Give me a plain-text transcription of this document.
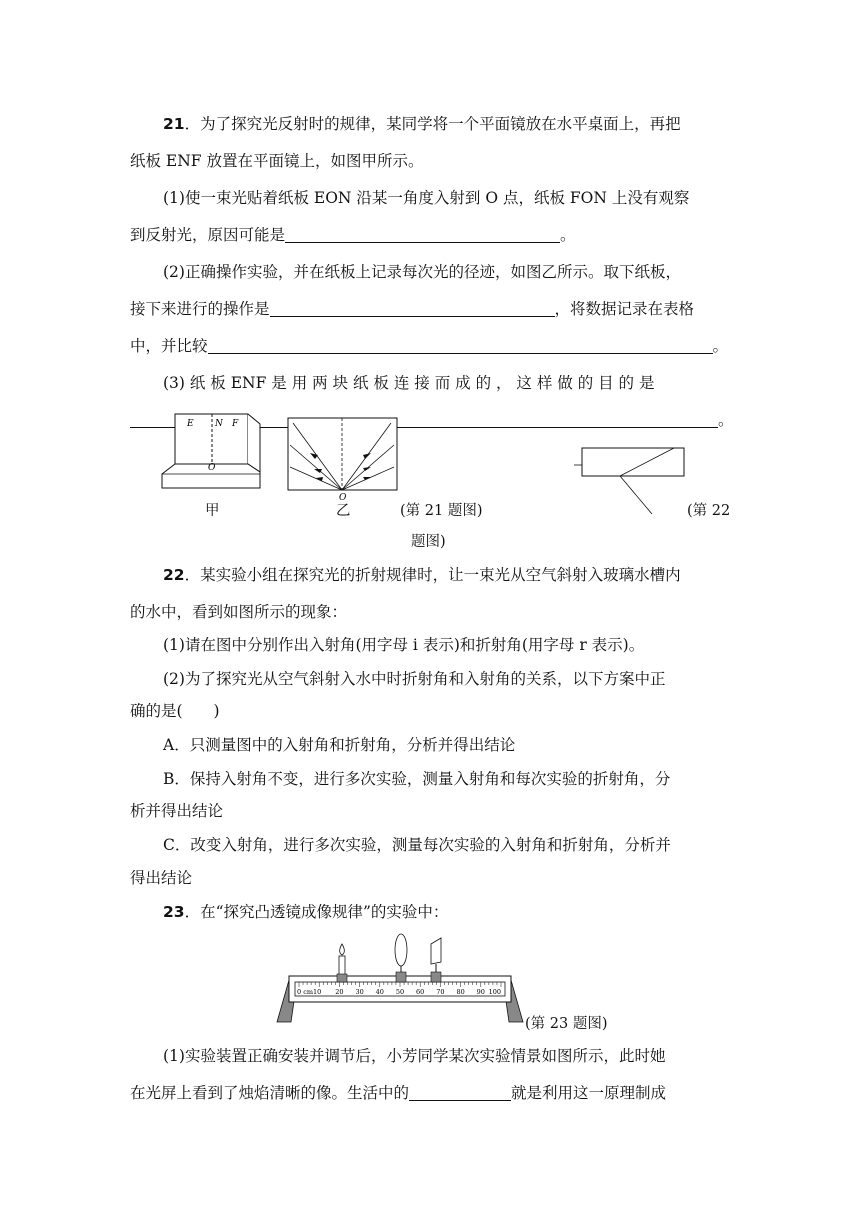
21．为了探究光反射时的规律，某同学将一个平面镜放在水平桌面上，再把
纸板 ENF 放置在平面镜上，如图甲所示。
(1)使一束光贴着纸板 EON 沿某一角度入射到 O 点，纸板 FON 上没有观察
到反射光，原因可能是	。
(2)正确操作实验，并在纸板上记录每次光的径迹，如图乙所示。取下纸板，
接下来进行的操作是	，将数据记录在表格
中，并比较	。
(3) 纸 板 ENF 是 用 两 块 纸 板 连 接 而 成 的 ， 这 样 做 的 目 的 是
。
E N F
O
甲
O
乙	(第 21 题图)	(第 22
题图)
22．某实验小组在探究光的折射规律时，让一束光从空气斜射入玻璃水槽内
的水中，看到如图所示的现象：
(1)请在图中分别作出入射角(用字母 i 表示)和折射角(用字母 r 表示)。
(2)为了探究光从空气斜射入水中时折射角和入射角的关系，以下方案中正
确的是(　　)
A．只测量图中的入射角和折射角，分析并得出结论
B．保持入射角不变，进行多次实验，测量入射角和每次实验的折射角，分
析并得出结论
C．改变入射角，进行多次实验，测量每次实验的入射角和折射角，分析并
得出结论
23．在“探究凸透镜成像规律”的实验中：
0 cm10 20 30 40 50 60 70 80 90 100
(第 23 题图)
(1)实验装置正确安装并调节后，小芳同学某次实验情景如图所示，此时她
在光屏上看到了烛焰清晰的像。生活中的	就是利用这一原理制成
